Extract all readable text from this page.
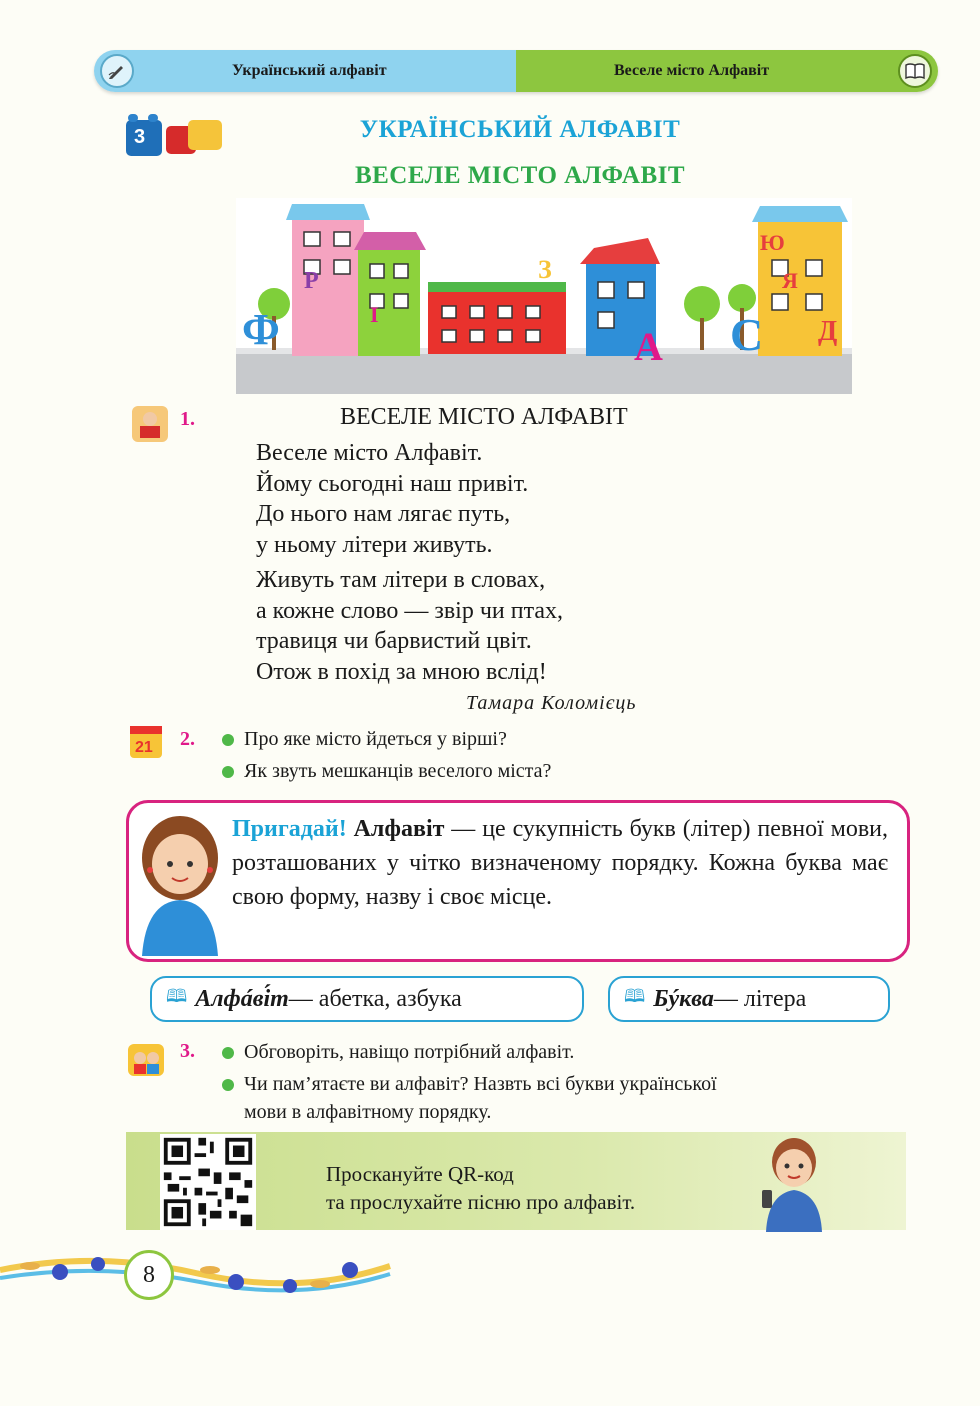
Український алфавіт	Веселе місто Алфавіт
3	УКРАЇНСЬКИЙ АЛФАВІТ
ВЕСЕЛЕ МІСТО АЛФАВІТ
Ф
Р
І
З
А С Д
Ю
Я
1.	ВЕСЕЛЕ МІСТО АЛФАВІТ
Веселе місто Алфавіт.
Йому сьогодні наш привіт.
До нього нам лягає путь,
у ньому літери живуть.
Живуть там літери в словах,
а кожне слово — звір чи птах,
травиця чи барвистий цвіт.
Отож в похід за мною вслід!
Тамара Коломієць
21 2. Про яке місто йдеться у вірші?
Як звуть мешканців веселого міста?
Пригадай! Алфавіт — це сукупність букв (літер) певної мови, розташованих у чітко визначеному порядку. Кожна буква має свою форму, назву і своє місце.
🕮 Алфáві́т — абетка, азбука	🕮 Бýква — літера
3. Обговоріть, навіщо потрібний алфавіт.
Чи пам’ятаєте ви алфавіт? Назвть всі букви української
мови в алфавітному порядку.
Проскануйте QR-код
та прослухайте пісню про алфавіт.
8
